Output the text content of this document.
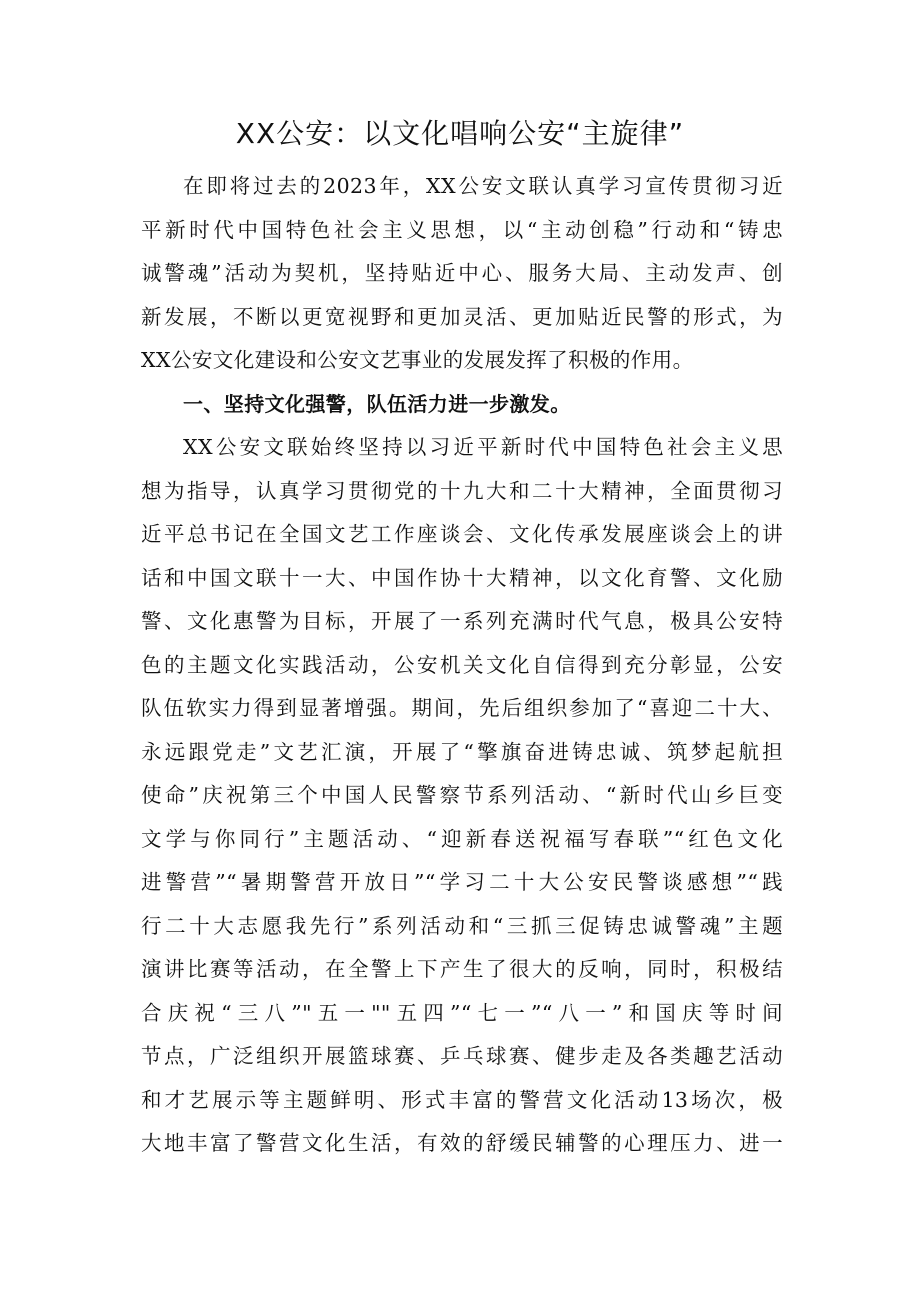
XX公安：以文化唱响公安“主旋律”
在即将过去的2023年，XX公安文联认真学习宣传贯彻习近
平新时代中国特色社会主义思想，以“主动创稳”行动和“铸忠
诚警魂”活动为契机，坚持贴近中心、服务大局、主动发声、创
新发展，不断以更宽视野和更加灵活、更加贴近民警的形式，为
XX公安文化建设和公安文艺事业的发展发挥了积极的作用。
一、坚持文化强警，队伍活力进一步激发。
XX公安文联始终坚持以习近平新时代中国特色社会主义思
想为指导，认真学习贯彻党的十九大和二十大精神，全面贯彻习
近平总书记在全国文艺工作座谈会、文化传承发展座谈会上的讲
话和中国文联十一大、中国作协十大精神，以文化育警、文化励
警、文化惠警为目标，开展了一系列充满时代气息，极具公安特
色的主题文化实践活动，公安机关文化自信得到充分彰显，公安
队伍软实力得到显著增强。期间，先后组织参加了“喜迎二十大、
永远跟党走”文艺汇演，开展了“擎旗奋进铸忠诚、筑梦起航担
使命”庆祝第三个中国人民警察节系列活动、“新时代山乡巨变
文学与你同行”主题活动、“迎新春送祝福写春联”“红色文化
进警营”“暑期警营开放日”“学习二十大公安民警谈感想”“践
行二十大志愿我先行”系列活动和“三抓三促铸忠诚警魂”主题
演讲比赛等活动，在全警上下产生了很大的反响，同时，积极结
合庆祝“三八”"五一""五四”“七一”“八一”和国庆等时间
节点，广泛组织开展篮球赛、乒乓球赛、健步走及各类趣艺活动
和才艺展示等主题鲜明、形式丰富的警营文化活动13场次，极
大地丰富了警营文化生活，有效的舒缓民辅警的心理压力、进一
